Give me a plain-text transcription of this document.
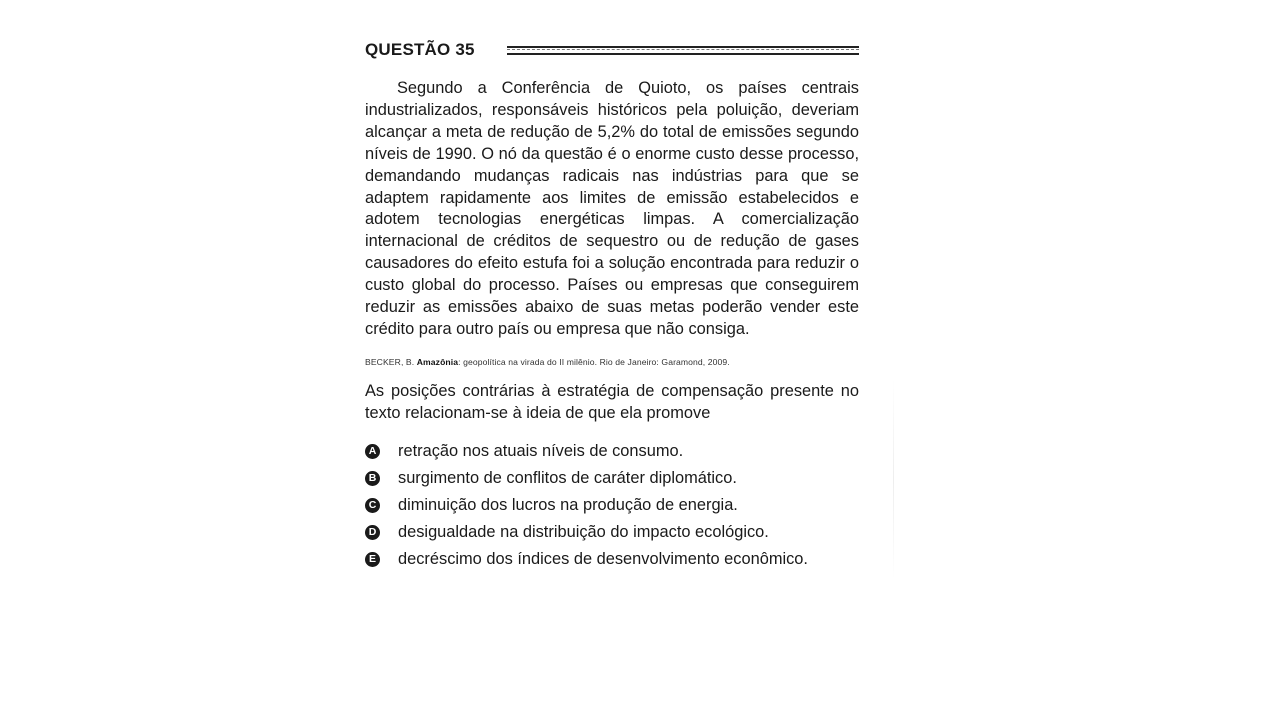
QUESTÃO 35

Segundo a Conferência de Quioto, os países centrais industrializados, responsáveis históricos pela poluição, deveriam alcançar a meta de redução de 5,2% do total de emissões segundo níveis de 1990. O nó da questão é o enorme custo desse processo, demandando mudanças radicais nas indústrias para que se adaptem rapidamente aos limites de emissão estabelecidos e adotem tecnologias energéticas limpas. A comercialização internacional de créditos de sequestro ou de redução de gases causadores do efeito estufa foi a solução encontrada para reduzir o custo global do processo. Países ou empresas que conseguirem reduzir as emissões abaixo de suas metas poderão vender este crédito para outro país ou empresa que não consiga.

BECKER, B. Amazônia: geopolítica na virada do II milênio. Rio de Janeiro: Garamond, 2009.

As posições contrárias à estratégia de compensação presente no texto relacionam-se à ideia de que ela promove

A retração nos atuais níveis de consumo.
B surgimento de conflitos de caráter diplomático.
C diminuição dos lucros na produção de energia.
D desigualdade na distribuição do impacto ecológico.
E decréscimo dos índices de desenvolvimento econômico.
